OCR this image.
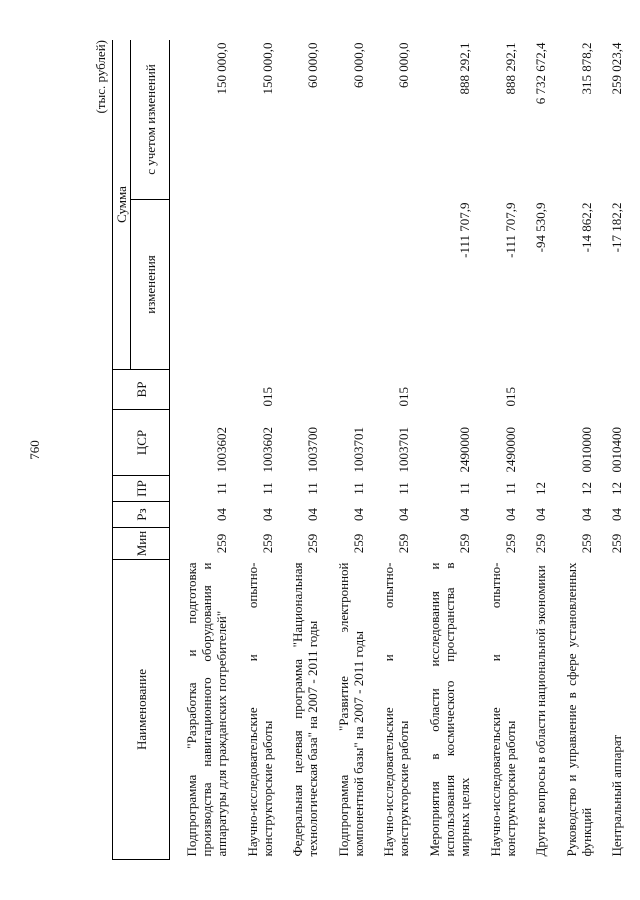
760
(тыс. рублей)
Наименование	Мин	Рз	ПР	ЦСР	ВР	Сумма	
						изменения	с учетом изменений
Подпрограмма "Разработка и подготовка производства навигационного оборудования и аппаратуры для гражданских потребителей"	259	04	11	1003602			150 000,0
Научно-исследовательские и опытно-конструкторские работы	259	04	11	1003602	015		150 000,0
Федеральная целевая программа "Национальная технологическая база" на 2007 - 2011 годы	259	04	11	1003700			60 000,0
Подпрограмма "Развитие электронной компонентной базы" на 2007 - 2011 годы	259	04	11	1003701			60 000,0
Научно-исследовательские и опытно-конструкторские работы	259	04	11	1003701	015		60 000,0
Мероприятия в области исследования и использования космического пространства в мирных целях	259	04	11	2490000		-111 707,9	888 292,1
Научно-исследовательские и опытно-конструкторские работы	259	04	11	2490000	015	-111 707,9	888 292,1
Другие вопросы в области национальной экономики	259	04	12			-94 530,9	6 732 672,4
Руководство и управление в сфере установленных функций	259	04	12	0010000		-14 862,2	315 878,2
Центральный аппарат	259	04	12	0010400		-17 182,2	259 023,4
